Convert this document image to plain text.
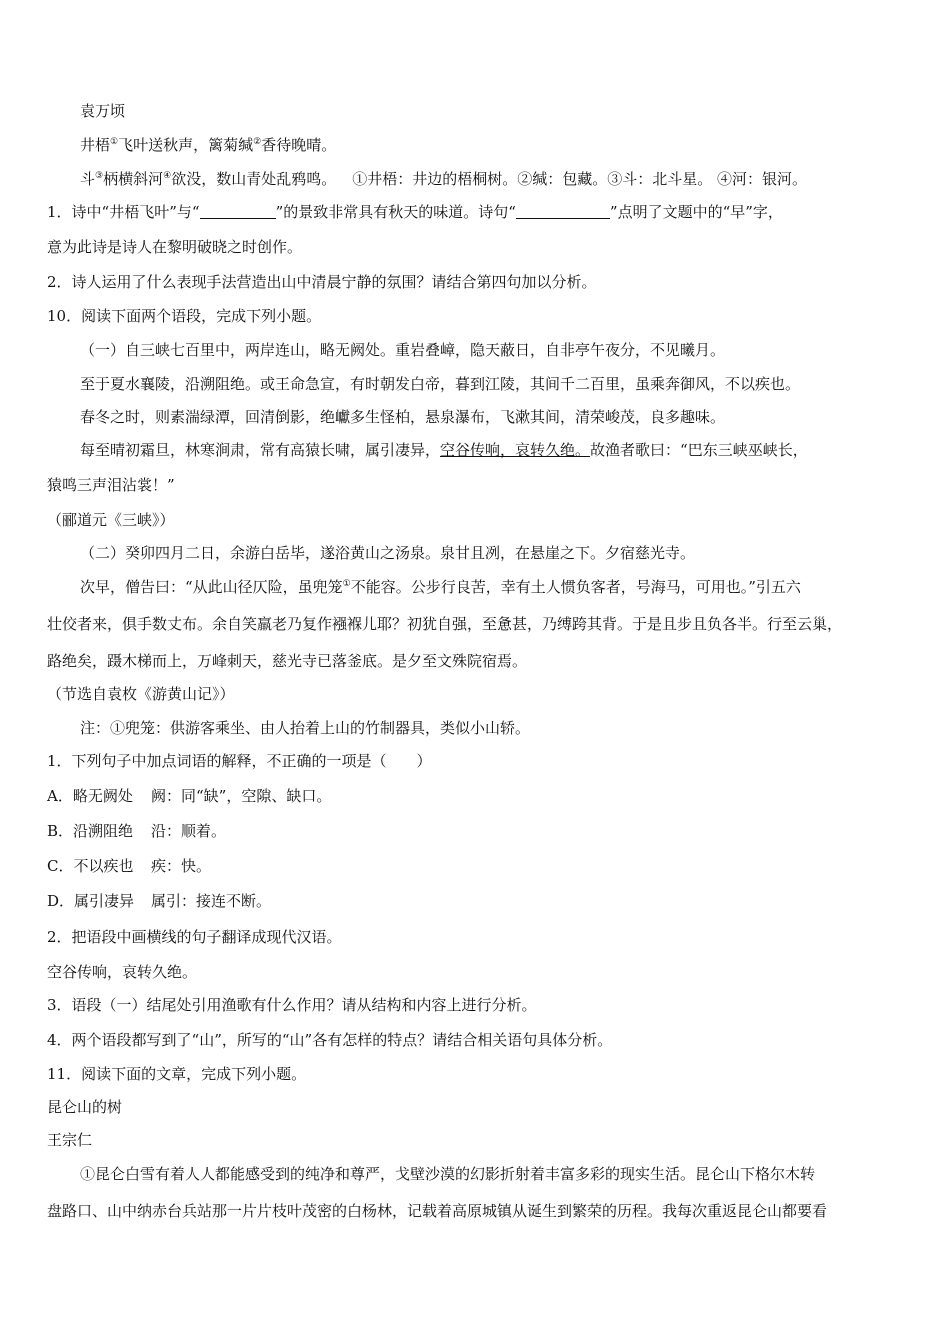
袁万顷
井梧①飞叶送秋声，篱菊缄②香待晚晴。
斗③柄横斜河④欲没，数山青处乱鸦鸣。 ①井梧：井边的梧桐树。②缄：包藏。③斗：北斗星。 ④河：银河。
1．诗中“井梧飞叶”与“	”的景致非常具有秋天的味道。诗句“	”点明了文题中的“早”字，
意为此诗是诗人在黎明破晓之时创作。
2．诗人运用了什么表现手法营造出山中清晨宁静的氛围？请结合第四句加以分析。
10．阅读下面两个语段，完成下列小题。
（一）自三峡七百里中，两岸连山，略无阙处。重岩叠嶂，隐天蔽日，自非亭午夜分，不见曦月。
至于夏水襄陵，沿溯阻绝。或王命急宣，有时朝发白帝，暮到江陵，其间千二百里，虽乘奔御风，不以疾也。
春冬之时，则素湍绿潭，回清倒影，绝巘多生怪柏，悬泉瀑布，飞漱其间，清荣峻茂，良多趣味。
每至晴初霜旦，林寒涧肃，常有高猿长啸，属引凄异，空谷传响，哀转久绝。故渔者歌曰：“巴东三峡巫峡长，
猿鸣三声泪沾裳！”
（郦道元《三峡》）
（二）癸卯四月二日，余游白岳毕，遂浴黄山之汤泉。泉甘且冽，在悬崖之下。夕宿慈光寺。
次早，僧告曰：“从此山径仄险，虽兜笼①不能容。公步行良苦，幸有土人惯负客者，号海马，可用也。”引五六
壮佼者来，俱手数丈布。余自笑羸老乃复作襁褓儿耶？初犹自强，至惫甚，乃缚跨其背。于是且步且负各半。行至云巢，
路绝矣，蹑木梯而上，万峰刺天，慈光寺已落釜底。是夕至文殊院宿焉。
（节选自袁枚《游黄山记》）
注：①兜笼：供游客乘坐、由人抬着上山的竹制器具，类似小山轿。
1．下列句子中加点词语的解释，不正确的一项是（　　）
A．略无阙处 阙：同“缺”，空隙、缺口。
B．沿溯阻绝 沿：顺着。
C．不以疾也 疾：快。
D．属引凄异 属引：接连不断。
2．把语段中画横线的句子翻译成现代汉语。
空谷传响，哀转久绝。
3．语段（一）结尾处引用渔歌有什么作用？请从结构和内容上进行分析。
4．两个语段都写到了“山”，所写的“山”各有怎样的特点？请结合相关语句具体分析。
11．阅读下面的文章，完成下列小题。
昆仑山的树
王宗仁
①昆仑白雪有着人人都能感受到的纯净和尊严，戈壁沙漠的幻影折射着丰富多彩的现实生活。昆仑山下格尔木转
盘路口、山中纳赤台兵站那一片片枝叶茂密的白杨林，记载着高原城镇从诞生到繁荣的历程。我每次重返昆仑山都要看
